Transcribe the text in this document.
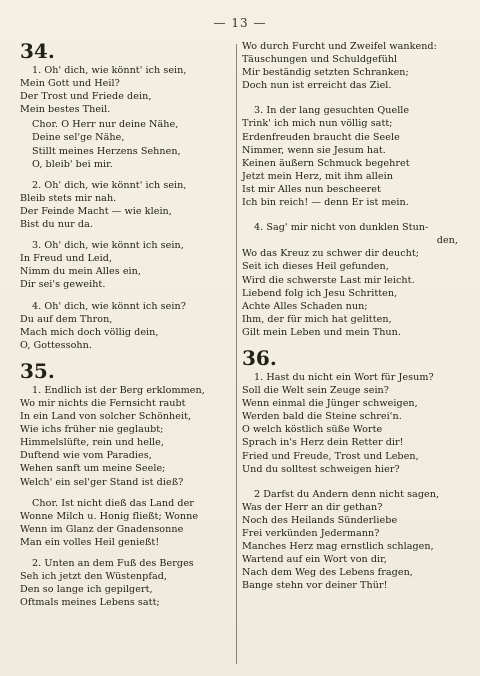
— 13 —
34.
1. Oh' dich, wie könnt' ich sein,
Mein Gott und Heil?
Der Trost und Friede dein,
Mein bestes Theil.
Chor. O Herr nur deine Nähe,
Deine sel'ge Nähe,
Stillt meines Herzens Sehnen,
O, bleib' bei mir.
2. Oh' dich, wie könnt' ich sein,
Bleib stets mir nah.
Der Feinde Macht — wie klein,
Bist du nur da.
3. Oh' dich, wie könnt ich sein,
In Freud und Leid,
Nimm du mein Alles ein,
Dir sei's geweiht.
4. Oh' dich, wie könnt ich sein?
Du auf dem Thron,
Mach mich doch völlig dein,
O, Gottessohn.
35.
1. Endlich ist der Berg erklommen,
Wo mir nichts die Fernsicht raubt
In ein Land von solcher Schönheit,
Wie ichs früher nie geglaubt;
Himmelslüfte, rein und helle,
Duftend wie vom Paradies,
Wehen sanft um meine Seele;
Welch' ein sel'ger Stand ist dieß?
Chor. Ist nicht dieß das Land der
Wonne Milch u. Honig fließt; Wonne
Wenn im Glanz der Gnadensonne
Man ein volles Heil genießt!
2. Unten an dem Fuß des Berges
Seh ich jetzt den Wüstenpfad,
Den so lange ich gepilgert,
Oftmals meines Lebens satt;
Wo durch Furcht und Zweifel wankend:
Täuschungen und Schuldgefühl
Mir beständig setzten Schranken;
Doch nun ist erreicht das Ziel.
3. In der lang gesuchten Quelle
Trink' ich mich nun völlig satt;
Erdenfreuden braucht die Seele
Nimmer, wenn sie Jesum hat.
Keinen äußern Schmuck begehret
Jetzt mein Herz, mit ihm allein
Ist mir Alles nun bescheeret
Ich bin reich! — denn Er ist mein.
4. Sag' mir nicht von dunklen Stun-
den,
Wo das Kreuz zu schwer dir deucht;
Seit ich dieses Heil gefunden,
Wird die schwerste Last mir leicht.
Liebend folg ich Jesu Schritten,
Achte Alles Schaden nun;
Ihm, der für mich hat gelitten,
Gilt mein Leben und mein Thun.
36.
1. Hast du nicht ein Wort für Jesum?
Soll die Welt sein Zeuge sein?
Wenn einmal die Jünger schweigen,
Werden bald die Steine schrei'n.
O welch köstlich süße Worte
Sprach in's Herz dein Retter dir!
Fried und Freude, Trost und Leben,
Und du solltest schweigen hier?
2 Darfst du Andern denn nicht sagen,
Was der Herr an dir gethan?
Noch des Heilands Sünderliebe
Frei verkünden Jedermann?
Manches Herz mag ernstlich schlagen,
Wartend auf ein Wort von dir,
Nach dem Weg des Lebens fragen,
Bange stehn vor deiner Thür!
